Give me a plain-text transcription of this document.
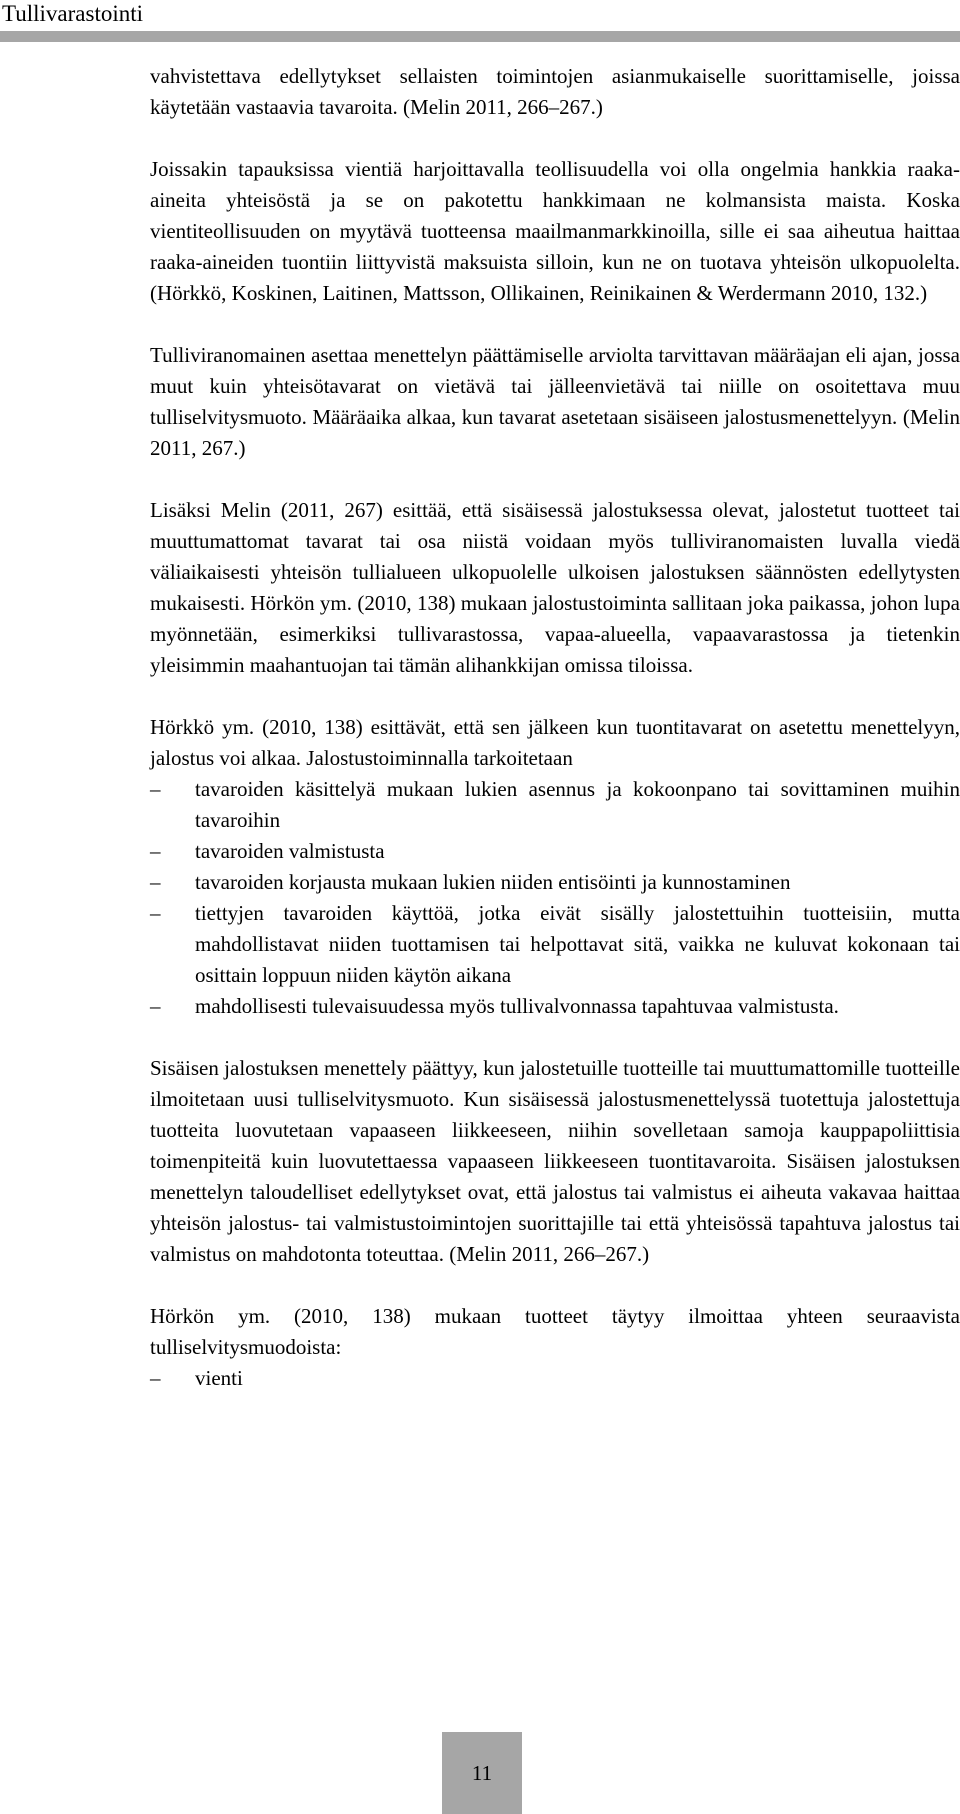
Tullivarastointi

vahvistettava edellytykset sellaisten toimintojen asianmukaiselle suorittamiselle, joissa käytetään vastaavia tavaroita. (Melin 2011, 266–267.)

Joissakin tapauksissa vientiä harjoittavalla teollisuudella voi olla ongelmia hankkia raaka-aineita yhteisöstä ja se on pakotettu hankkimaan ne kolmansista maista. Koska vientiteollisuuden on myytävä tuotteensa maailmanmarkkinoilla, sille ei saa aiheutua haittaa raaka-aineiden tuontiin liittyvistä maksuista silloin, kun ne on tuotava yhteisön ulkopuolelta. (Hörkkö, Koskinen, Laitinen, Mattsson, Ollikainen, Reinikainen & Werdermann 2010, 132.)

Tulliviranomainen asettaa menettelyn päättämiselle arviolta tarvittavan määräajan eli ajan, jossa muut kuin yhteisötavarat on vietävä tai jälleenvietävä tai niille on osoitettava muu tulliselvitysmuoto. Määräaika alkaa, kun tavarat asetetaan sisäiseen jalostusmenettelyyn. (Melin 2011, 267.)

Lisäksi Melin (2011, 267) esittää, että sisäisessä jalostuksessa olevat, jalostetut tuotteet tai muuttumattomat tavarat tai osa niistä voidaan myös tulliviranomaisten luvalla viedä väliaikaisesti yhteisön tullialueen ulkopuolelle ulkoisen jalostuksen säännösten edellytysten mukaisesti. Hörkön ym. (2010, 138) mukaan jalostustoiminta sallitaan joka paikassa, johon lupa myönnetään, esimerkiksi tullivarastossa, vapaa-alueella, vapaavarastossa ja tietenkin yleisimmin maahantuojan tai tämän alihankkijan omissa tiloissa.

Hörkkö ym. (2010, 138) esittävät, että sen jälkeen kun tuontitavarat on asetettu menettelyyn, jalostus voi alkaa. Jalostustoiminnalla tarkoitetaan

– tavaroiden käsittelyä mukaan lukien asennus ja kokoonpano tai sovittaminen muihin tavaroihin
– tavaroiden valmistusta
– tavaroiden korjausta mukaan lukien niiden entisöinti ja kunnostaminen
– tiettyjen tavaroiden käyttöä, jotka eivät sisälly jalostettuihin tuotteisiin, mutta mahdollistavat niiden tuottamisen tai helpottavat sitä, vaikka ne kuluvat kokonaan tai osittain loppuun niiden käytön aikana
– mahdollisesti tulevaisuudessa myös tullivalvonnassa tapahtuvaa valmistusta.

Sisäisen jalostuksen menettely päättyy, kun jalostetuille tuotteille tai muuttumattomille tuotteille ilmoitetaan uusi tulliselvitysmuoto. Kun sisäisessä jalostusmenettelyssä tuotettuja jalostettuja tuotteita luovutetaan vapaaseen liikkeeseen, niihin sovelletaan samoja kauppapoliittisia toimenpiteitä kuin luovutettaessa vapaaseen liikkeeseen tuontitavaroita. Sisäisen jalostuksen menettelyn taloudelliset edellytykset ovat, että jalostus tai valmistus ei aiheuta vakavaa haittaa yhteisön jalostus- tai valmistustoimintojen suorittajille tai että yhteisössä tapahtuva jalostus tai valmistus on mahdotonta toteuttaa. (Melin 2011, 266–267.)

Hörkön ym. (2010, 138) mukaan tuotteet täytyy ilmoittaa yhteen seuraavista tulliselvitysmuodoista:

– vienti
11
